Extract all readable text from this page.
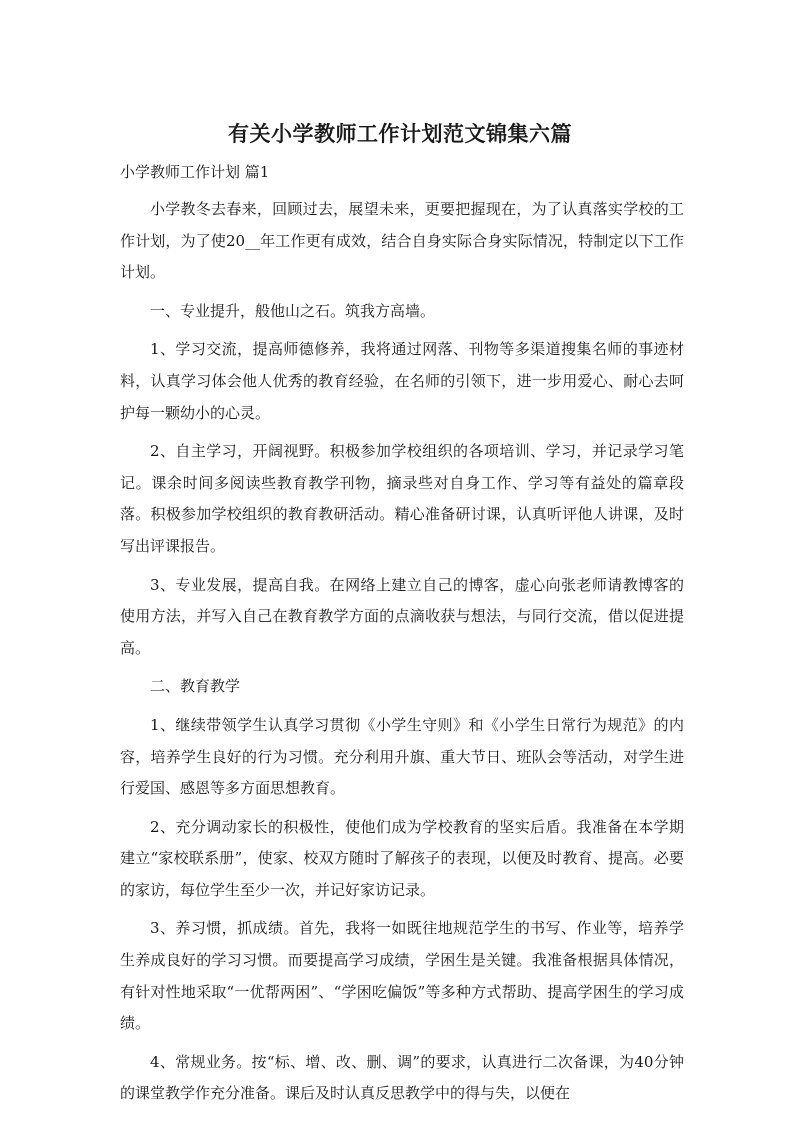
有关小学教师工作计划范文锦集六篇
小学教师工作计划 篇1

小学教冬去春来，回顾过去，展望未来，更要把握现在，为了认真落实学校的工作计划，为了使20__年工作更有成效，结合自身实际合身实际情况，特制定以下工作计划。

一、专业提升，般他山之石。筑我方高墙。

1、学习交流，提高师德修养，我将通过网落、刊物等多渠道搜集名师的事迹材料，认真学习体会他人优秀的教育经验，在名师的引领下，进一步用爱心、耐心去呵护每一颗幼小的心灵。

2、自主学习，开阔视野。积极参加学校组织的各项培训、学习，并记录学习笔记。课余时间多阅读些教育教学刊物，摘录些对自身工作、学习等有益处的篇章段落。积极参加学校组织的教育教研活动。精心准备研讨课，认真听评他人讲课，及时写出评课报告。

3、专业发展，提高自我。在网络上建立自己的博客，虚心向张老师请教博客的使用方法，并写入自己在教育教学方面的点滴收获与想法，与同行交流，借以促进提高。

二、教育教学

1、继续带领学生认真学习贯彻《小学生守则》和《小学生日常行为规范》的内容，培养学生良好的行为习惯。充分利用升旗、重大节日、班队会等活动，对学生进行爱国、感恩等多方面思想教育。

2、充分调动家长的积极性，使他们成为学校教育的坚实后盾。我准备在本学期建立“家校联系册”，使家、校双方随时了解孩子的表现，以便及时教育、提高。必要的家访，每位学生至少一次，并记好家访记录。

3、养习惯，抓成绩。首先，我将一如既往地规范学生的书写、作业等，培养学生养成良好的学习习惯。而要提高学习成绩，学困生是关键。我准备根据具体情况，有针对性地采取“一优帮两困”、“学困吃偏饭”等多种方式帮助、提高学困生的学习成绩。

4、常规业务。按“标、增、改、删、调”的要求，认真进行二次备课，为40分钟的课堂教学作充分准备。课后及时认真反思教学中的得与失，以便在
